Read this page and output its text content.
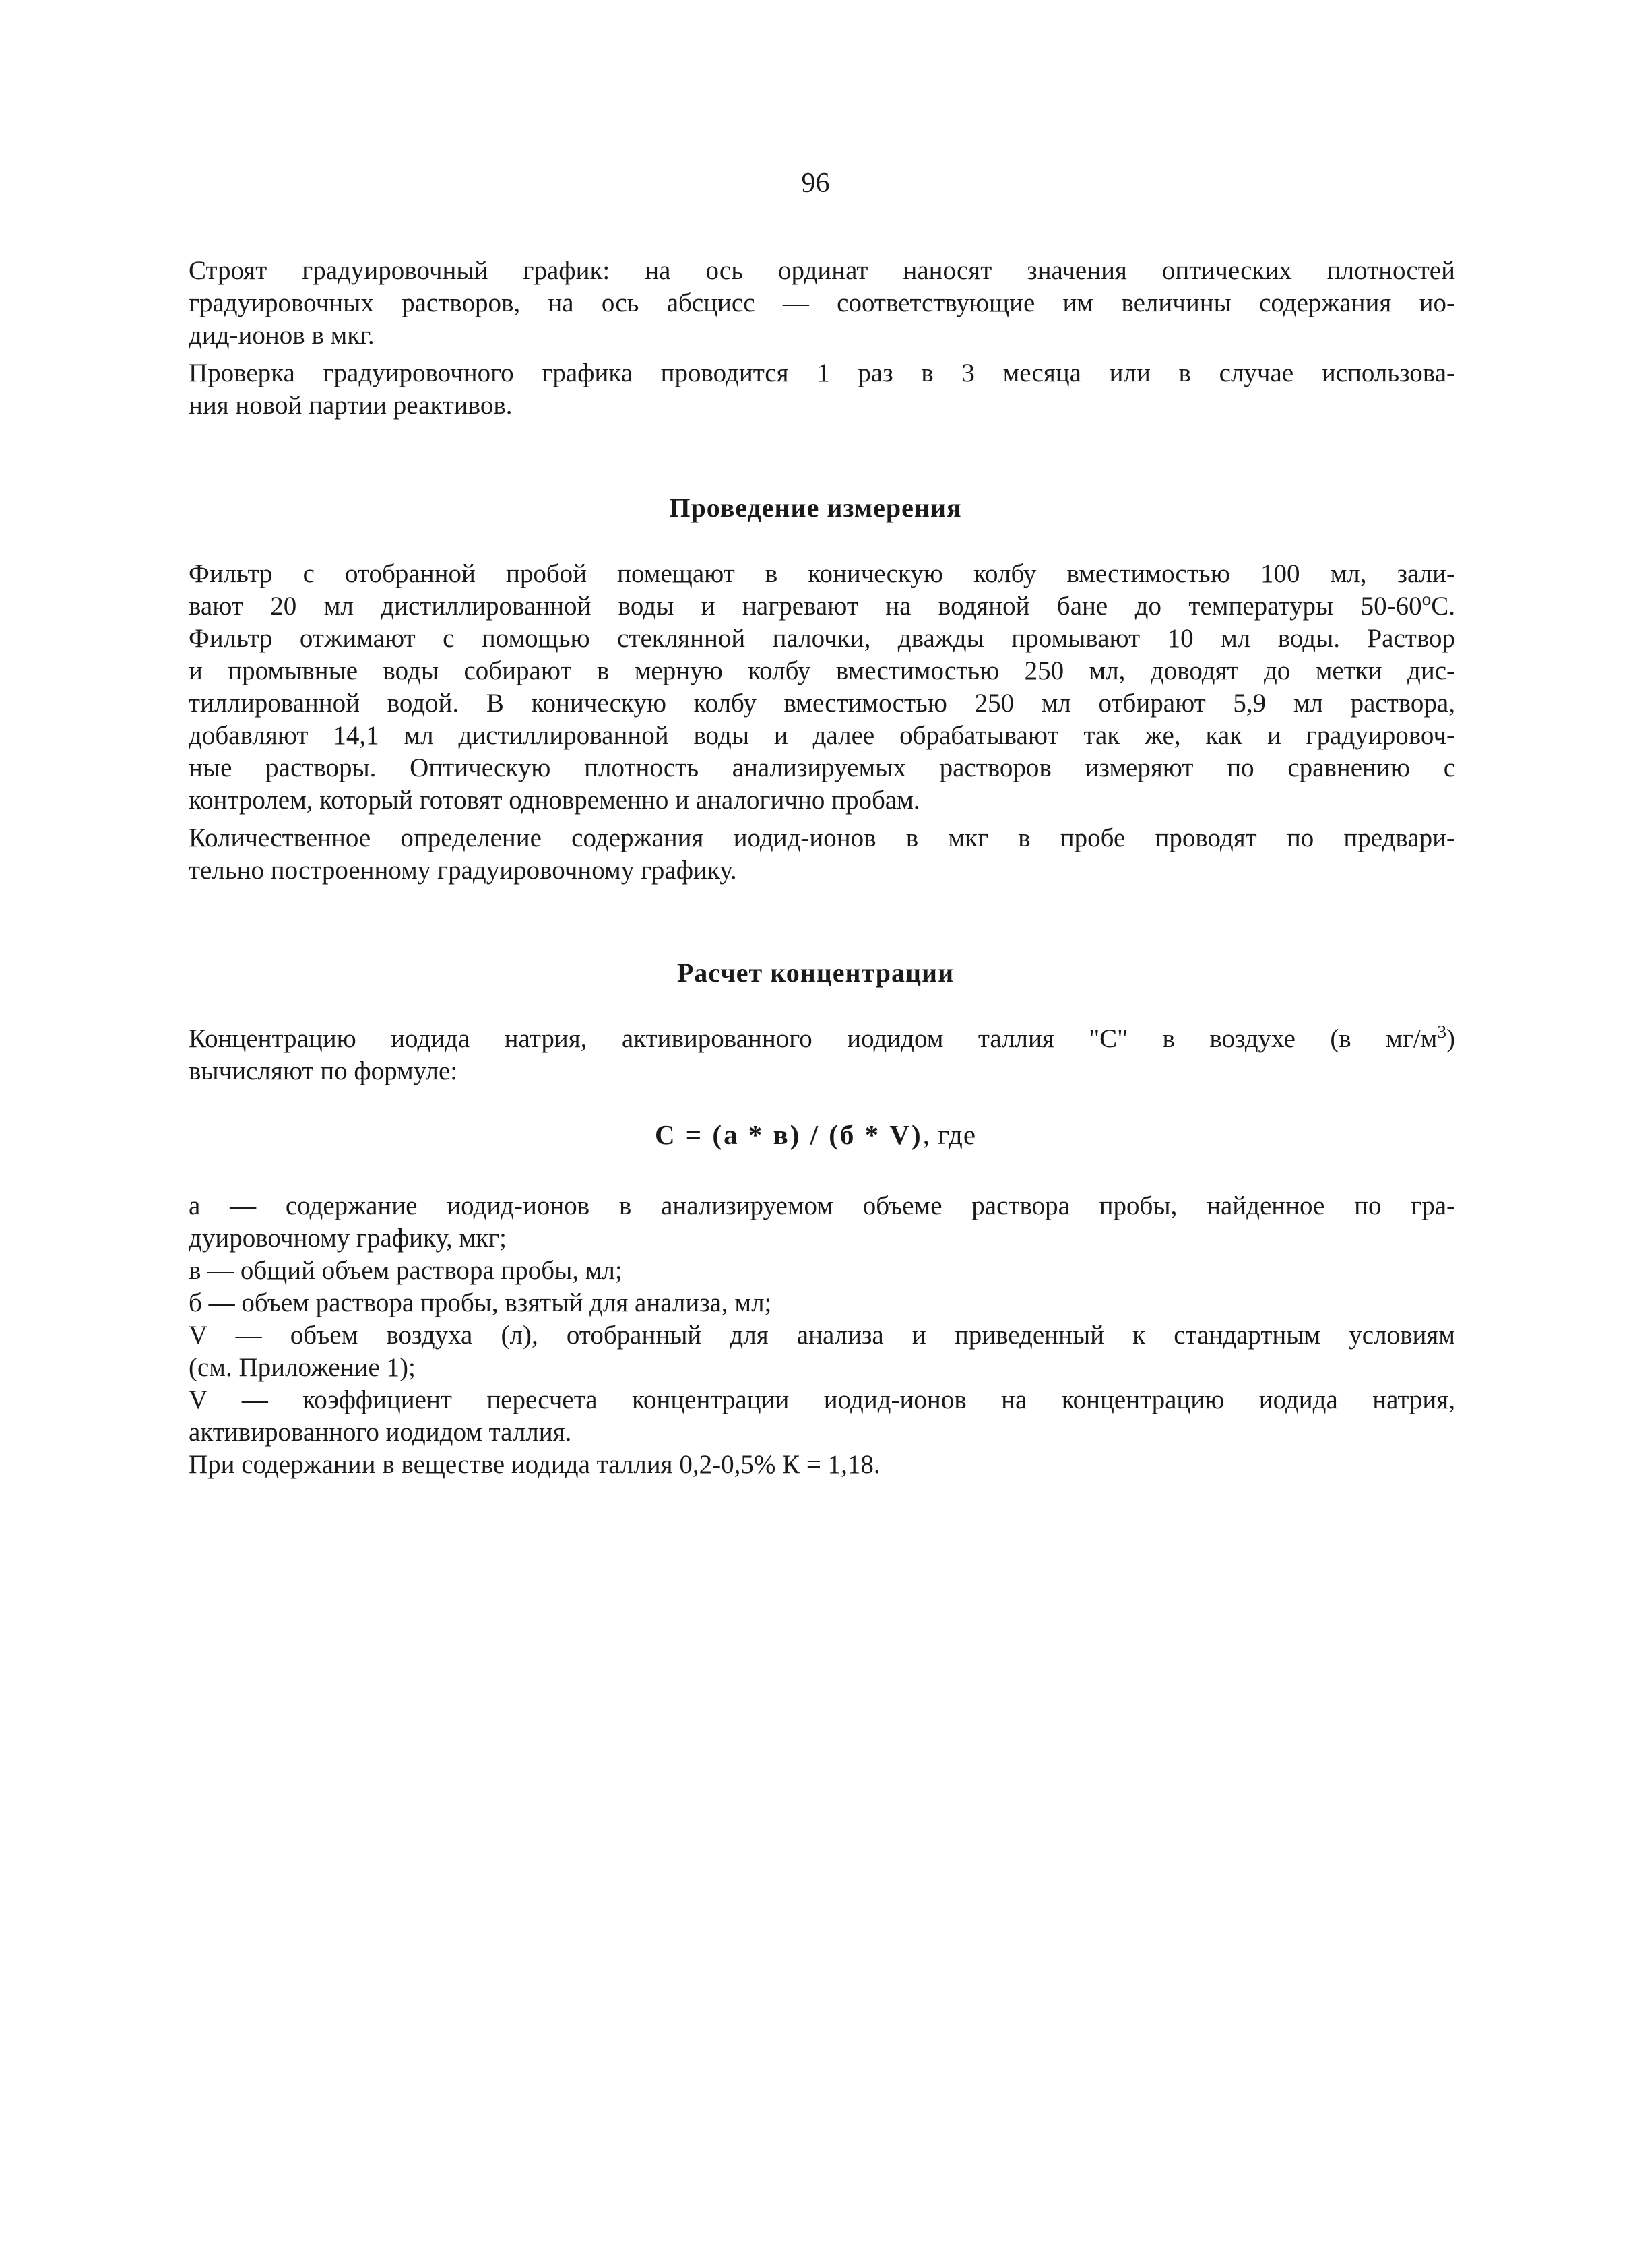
96

Строят градуировочный график: на ось ординат наносят значения оптических плотностей

градуировочных растворов, на ось абсцисс — соответствующие им величины содержания ио-

дид-ионов в мкг.

Проверка градуировочного графика проводится 1 раз в 3 месяца или в случае использова-

ния новой партии реактивов.

Проведение измерения

Фильтр с отобранной пробой помещают в коническую колбу вместимостью 100 мл, зали-

вают 20 мл дистиллированной воды и нагревают на водяной бане до температуры 50-60$^o$С.

Фильтр отжимают с помощью стеклянной палочки, дважды промывают 10 мл воды. Раствор

и промывные воды собирают в мерную колбу вместимостью 250 мл, доводят до метки дис-

тиллированной водой. В коническую колбу вместимостью 250 мл отбирают 5,9 мл раствора,

добавляют 14,1 мл дистиллированной воды и далее обрабатывают так же, как и градуировоч-

ные растворы. Оптическую плотность анализируемых растворов измеряют по сравнению с

контролем, который готовят одновременно и аналогично пробам.

Количественное определение содержания иодид-ионов в мкг в пробе проводят по предвари-

тельно построенному градуировочному графику.

Расчет концентрации

Концентрацию иодида натрия, активированного иодидом таллия "С" в воздухе (в $мг/м^3$)

вычисляют по формуле:

С = (а * в) / (б * V), где

а — содержание иодид-ионов в анализируемом объеме раствора пробы, найденное по гра-

дуировочному графику, мкг;

в — общий объем раствора пробы, мл;

б — объем раствора пробы, взятый для анализа, мл;

V — объем воздуха (л), отобранный для анализа и приведенный к стандартным условиям

(см. Приложение 1);

V — коэффициент пересчета концентрации иодид-ионов на концентрацию иодида натрия,

активированного иодидом таллия.

При содержании в веществе иодида таллия 0,2-0,5% К = 1,18.
